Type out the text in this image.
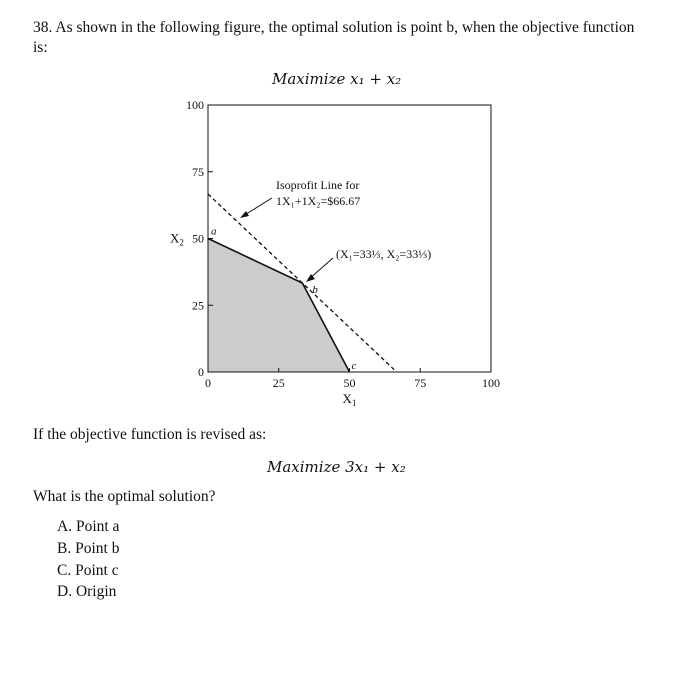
38. As shown in the following figure, the optimal solution is point b, when the objective function is:
Maximize x₁ + x₂
0	25	50	75	100
0
25
50
75
100
$X_1$
$X_2$
a
b
c
Isoprofit Line for
1X₁+1X₂=$66.67
(X₁=33⅓, X₂=33⅓)
If the objective function is revised as:
Maximize 3x₁ + x₂
What is the optimal solution?
A. Point a
B. Point b
C. Point c
D. Origin
